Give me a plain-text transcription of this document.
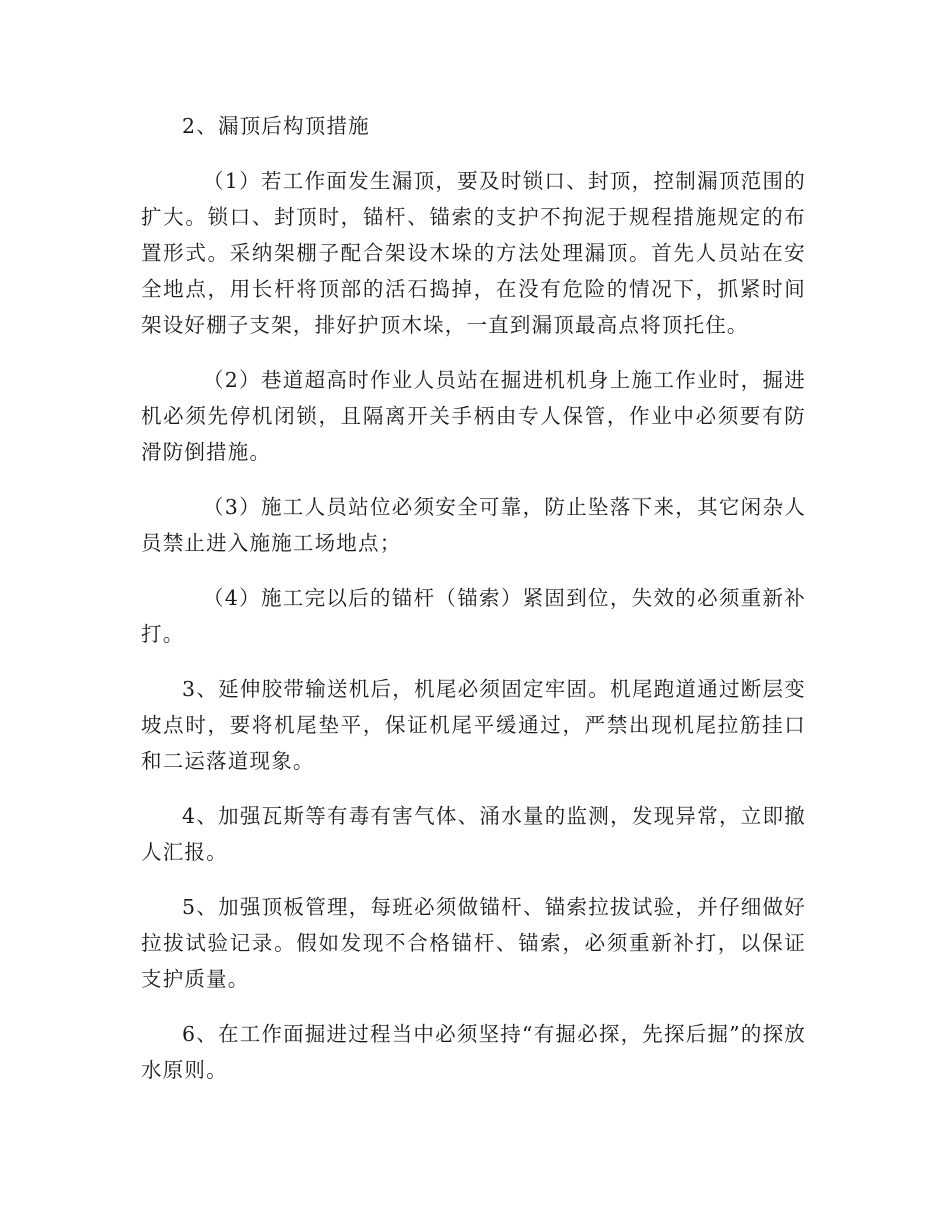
2、漏顶后构顶措施

（1）若工作面发生漏顶，要及时锁口、封顶，控制漏顶范围的扩大。锁口、封顶时，锚杆、锚索的支护不拘泥于规程措施规定的布置形式。采纳架棚子配合架设木垛的方法处理漏顶。首先人员站在安全地点，用长杆将顶部的活石捣掉，在没有危险的情况下，抓紧时间架设好棚子支架，排好护顶木垛，一直到漏顶最高点将顶托住。

（2）巷道超高时作业人员站在掘进机机身上施工作业时，掘进机必须先停机闭锁，且隔离开关手柄由专人保管，作业中必须要有防滑防倒措施。

（3）施工人员站位必须安全可靠，防止坠落下来，其它闲杂人员禁止进入施施工场地点；

（4）施工完以后的锚杆（锚索）紧固到位，失效的必须重新补打。

3、延伸胶带输送机后，机尾必须固定牢固。机尾跑道通过断层变坡点时，要将机尾垫平，保证机尾平缓通过，严禁出现机尾拉筋挂口和二运落道现象。

4、加强瓦斯等有毒有害气体、涌水量的监测，发现异常，立即撤人汇报。

5、加强顶板管理，每班必须做锚杆、锚索拉拔试验，并仔细做好拉拔试验记录。假如发现不合格锚杆、锚索，必须重新补打，以保证支护质量。

6、在工作面掘进过程当中必须坚持“有掘必探，先探后掘”的探放水原则。
